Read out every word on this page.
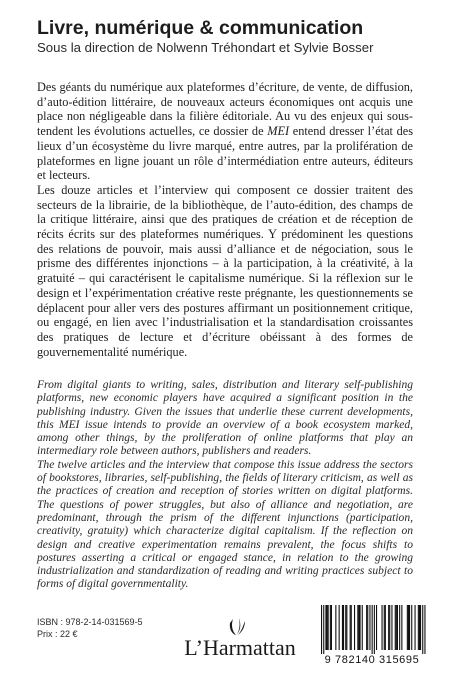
Livre, numérique & communication
Sous la direction de Nolwenn Tréhondart et Sylvie Bosser

Des géants du numérique aux plateformes d’écriture, de vente, de diffusion, d’auto-édition littéraire, de nouveaux acteurs économiques ont acquis une place non négligeable dans la filière éditoriale. Au vu des enjeux qui sous-tendent les évolutions actuelles, ce dossier de MEI entend dresser l’état des lieux d’un écosystème du livre marqué, entre autres, par la prolifération de plateformes en ligne jouant un rôle d’intermédiation entre auteurs, éditeurs et lecteurs.

Les douze articles et l’interview qui composent ce dossier traitent des secteurs de la librairie, de la bibliothèque, de l’auto-édition, des champs de la critique littéraire, ainsi que des pratiques de création et de réception de récits écrits sur des plateformes numériques. Y prédominent les questions des relations de pouvoir, mais aussi d’alliance et de négociation, sous le prisme des différentes injonctions – à la participation, à la créativité, à la gratuité – qui caractérisent le capitalisme numérique. Si la réflexion sur le design et l’expérimentation créative reste prégnante, les questionnements se déplacent pour aller vers des postures affirmant un positionnement critique, ou engagé, en lien avec l’industrialisation et la standardisation croissantes des pratiques de lecture et d’écriture obéissant à des formes de gouvernementalité numérique.

From digital giants to writing, sales, distribution and literary self-publishing platforms, new economic players have acquired a significant position in the publishing industry. Given the issues that underlie these current developments, this MEI issue intends to provide an overview of a book ecosystem marked, among other things, by the proliferation of online platforms that play an intermediary role between authors, publishers and readers.

The twelve articles and the interview that compose this issue address the sectors of bookstores, libraries, self-publishing, the fields of literary criticism, as well as the practices of creation and reception of stories written on digital platforms. The questions of power struggles, but also of alliance and negotiation, are predominant, through the prism of the different injunctions (participation, creativity, gratuity) which characterize digital capitalism. If the reflection on design and creative experimentation remains prevalent, the focus shifts to postures asserting a critical or engaged stance, in relation to the growing industrialization and standardization of reading and writing practices subject to forms of digital governmentality.

ISBN : 978-2-14-031569-5
Prix : 22 €
L’Harmattan	9 782140 315695
